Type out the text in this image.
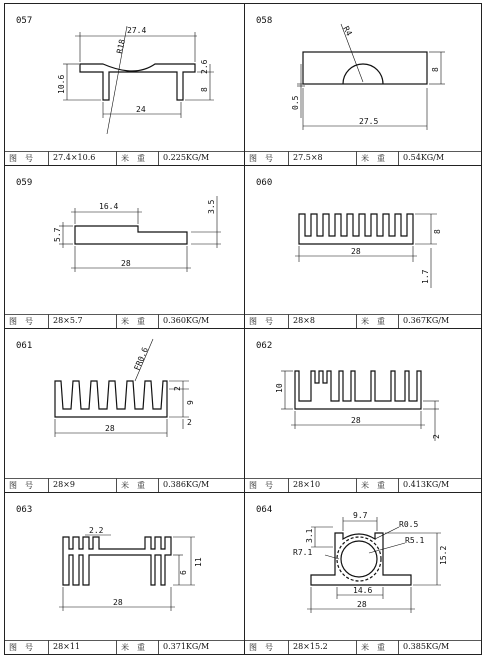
057
27.4
24
10.6
2.6
8
R18
058
27.5
8
0.5
R4
059
16.4
28
5.7
3.5
060
28
8
1.7
061
28
2
9
2
FR0.6
062
28
10
2
063
2.2
28
11
6
064
9.7
R0.5
R5.1
R7.1
3.1
15.2
14.6
28
图　号	27.4×10.6	米　重 0.225KG/M	图　号	27.5×8	米　重 0.54KG/M
图　号	28×5.7	米　重 0.360KG/M	图　号	28×8	米　重 0.367KG/M
图　号	28×9	米　重 0.386KG/M	图　号	28×10	米　重 0.413KG/M
图　号	28×11	米　重 0.371KG/M	图　号	28×15.2	米　重 0.385KG/M
